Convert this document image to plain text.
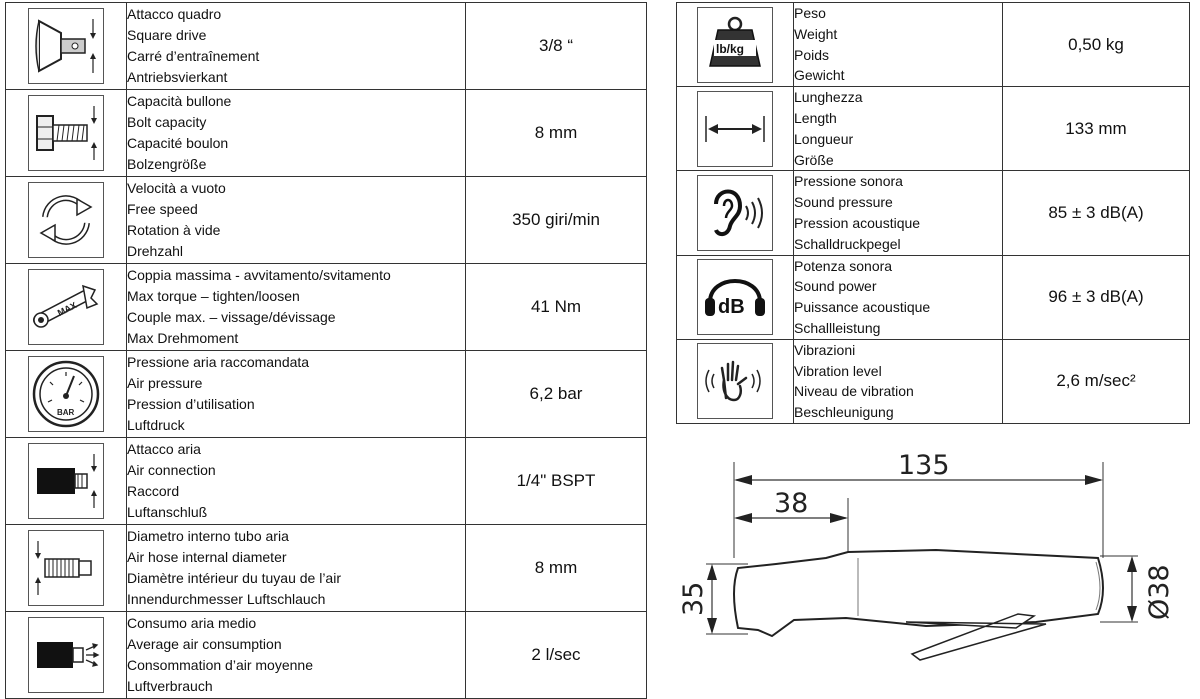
Attacco quadro
Square drive
Carré d’entraînement
Antriebsvierkant	3/8 “

Capacità bullone
Bolt capacity
Capacité boulon
Bolzengröße	8 mm

Velocità a vuoto
Free speed
Rotation à vide
Drehzahl	350 giri/min

MAX	Coppia massima - avvitamento/svitamento
Max torque – tighten/loosen
Couple max. – vissage/dévissage
Max Drehmoment	41 Nm

BAR	Pressione aria raccomandata
Air pressure
Pression d’utilisation
Luftdruck	6,2 bar

Attacco aria
Air connection
Raccord
Luftanschluß	1/4" BSPT

Diametro interno tubo aria
Air hose internal diameter
Diamètre intérieur du tuyau de l’air
Innendurchmesser Luftschlauch	8 mm

Consumo aria medio
Average air consumption
Consommation d’air moyenne
Luftverbrauch	2 l/sec
lb/kg	Peso
Weight
Poids
Gewicht	0,50 kg

Lunghezza
Length
Longueur
Größe	133 mm

Pressione sonora
Sound pressure
Pression acoustique
Schalldruckpegel	85 ± 3 dB(A)

dB	Potenza sonora
Sound power
Puissance acoustique
Schallleistung	96 ± 3 dB(A)

Vibrazioni
Vibration level
Niveau de vibration
Beschleunigung	2,6 m/sec²
135
38
35	Ø38
